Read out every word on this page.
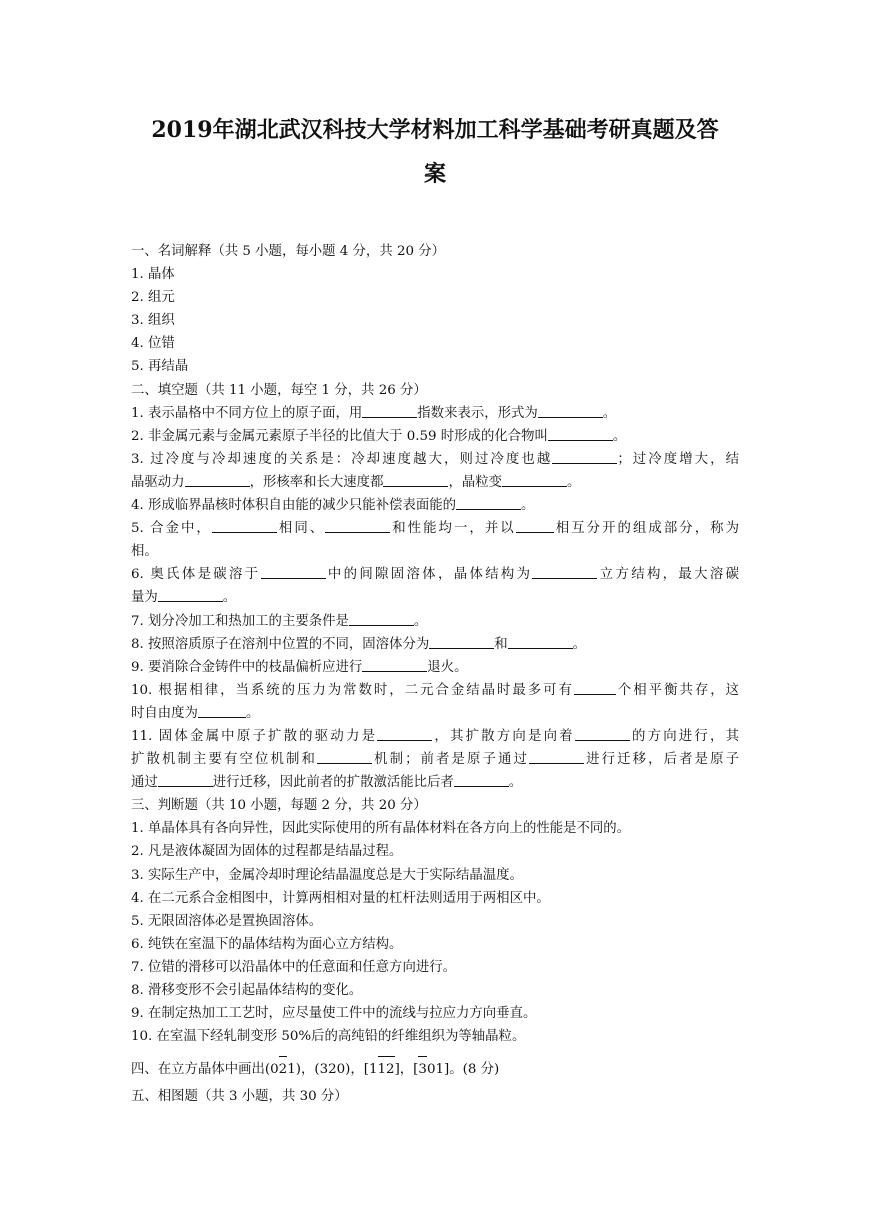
2019年湖北武汉科技大学材料加工科学基础考研真题及答
案
一、名词解释（共 5 小题，每小题 4 分，共 20 分）
1. 晶体
2. 组元
3. 组织
4. 位错
5. 再结晶
二、填空题（共 11 小题，每空 1 分，共 26 分）
1. 表示晶格中不同方位上的原子面，用	指数来表示，形式为	。
2. 非金属元素与金属元素原子半径的比值大于 0.59 时形成的化合物叫	。
3. 过冷度与冷却速度的关系是：冷却速度越大，则过冷度也越	；过冷度增大，结
晶驱动力	，形核率和长大速度都	，晶粒变	。
4. 形成临界晶核时体积自由能的减少只能补偿表面能的	。
5. 合金中，	相同、	和性能均一，并以	相互分开的组成部分，称为
相。
6. 奥氏体是碳溶于	中的间隙固溶体，晶体结构为	立方结构，最大溶碳
量为	。
7. 划分冷加工和热加工的主要条件是	。
8. 按照溶质原子在溶剂中位置的不同，固溶体分为	和	。
9. 要消除合金铸件中的枝晶偏析应进行	退火。
10. 根据相律，当系统的压力为常数时，二元合金结晶时最多可有	个相平衡共存，这
时自由度为	。
11. 固体金属中原子扩散的驱动力是	，其扩散方向是向着	的方向进行，其
扩散机制主要有空位机制和	机制；前者是原子通过	进行迁移，后者是原子
通过	进行迁移，因此前者的扩散激活能比后者	。
三、判断题（共 10 小题，每题 2 分，共 20 分）
1. 单晶体具有各向异性，因此实际使用的所有晶体材料在各方向上的性能是不同的。
2. 凡是液体凝固为固体的过程都是结晶过程。
3. 实际生产中，金属冷却时理论结晶温度总是大于实际结晶温度。
4. 在二元系合金相图中，计算两相相对量的杠杆法则适用于两相区中。
5. 无限固溶体必是置换固溶体。
6. 纯铁在室温下的晶体结构为面心立方结构。
7. 位错的滑移可以沿晶体中的任意面和任意方向进行。
8. 滑移变形不会引起晶体结构的变化。
9. 在制定热加工工艺时，应尽量使工件中的流线与拉应力方向垂直。
10. 在室温下经轧制变形 50%后的高纯铅的纤维组织为等轴晶粒。
四、在立方晶体中画出(02
1)，(320)，[112
]，[3
01]。(8 分)
五、相图题（共 3 小题，共 30 分）
